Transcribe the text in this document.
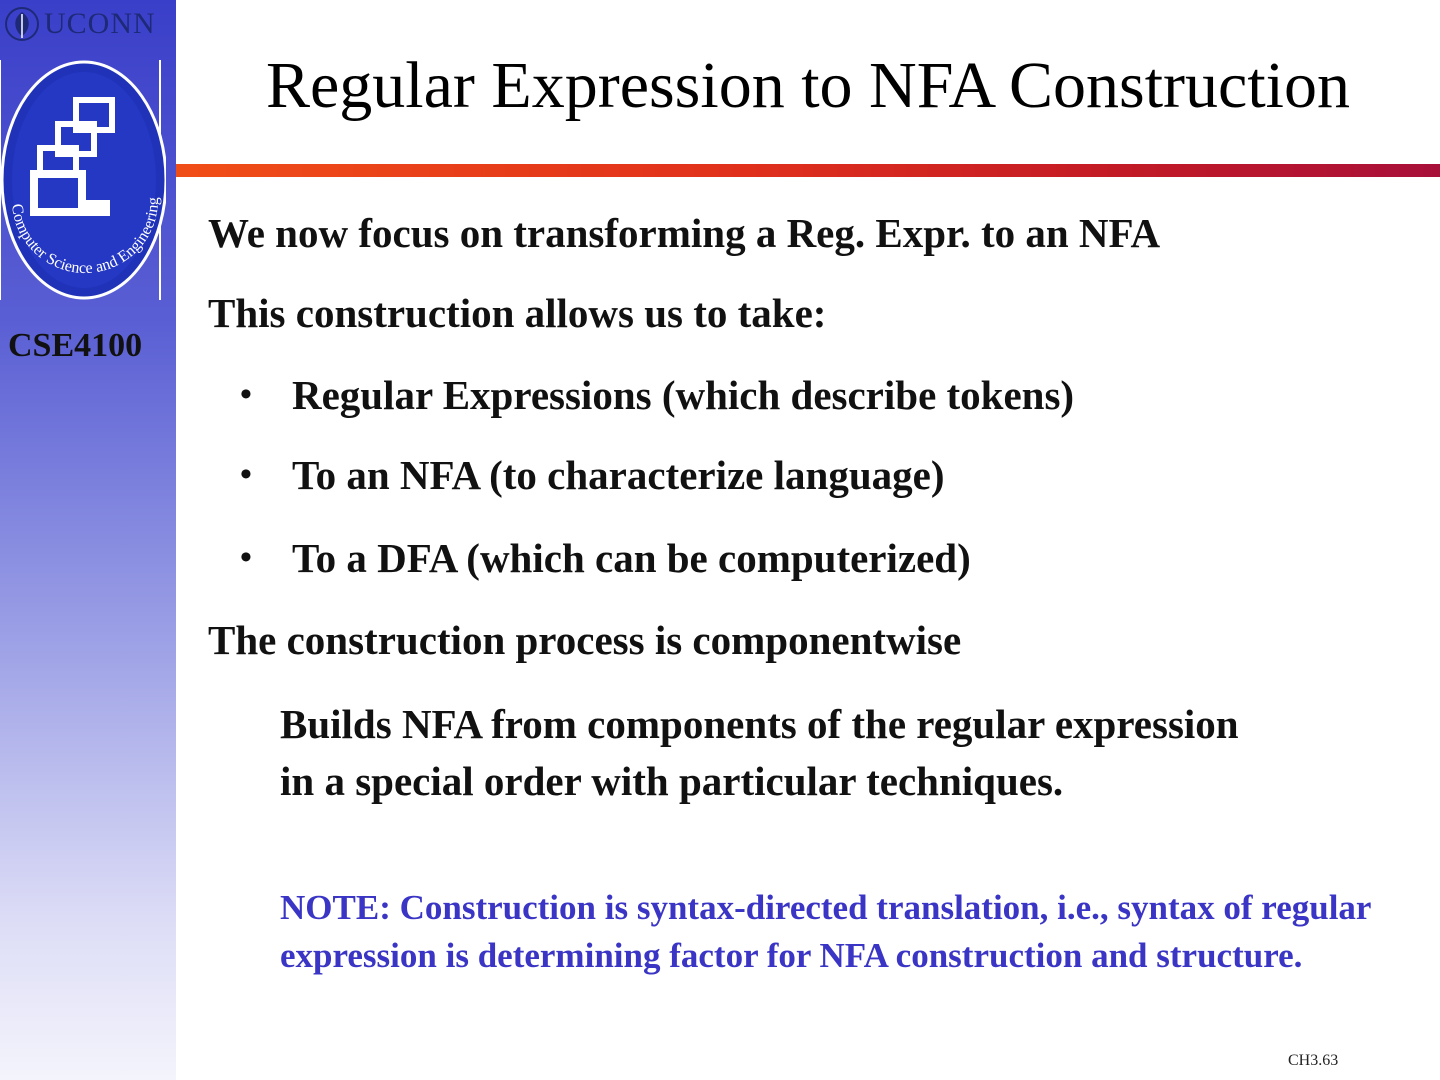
UCONN
Computer Science and Engineering
CSE4100
Regular Expression to NFA Construction
We now focus on transforming a Reg. Expr. to an NFA
This construction allows us to take:
• Regular Expressions (which describe tokens)
• To an NFA (to characterize language)
• To a DFA (which can be computerized)
The construction process is componentwise
Builds NFA from components of the regular expression in a special order with particular techniques.
NOTE: Construction is syntax-directed translation, i.e., syntax of regular expression is determining factor for NFA construction and structure.
CH3.63
